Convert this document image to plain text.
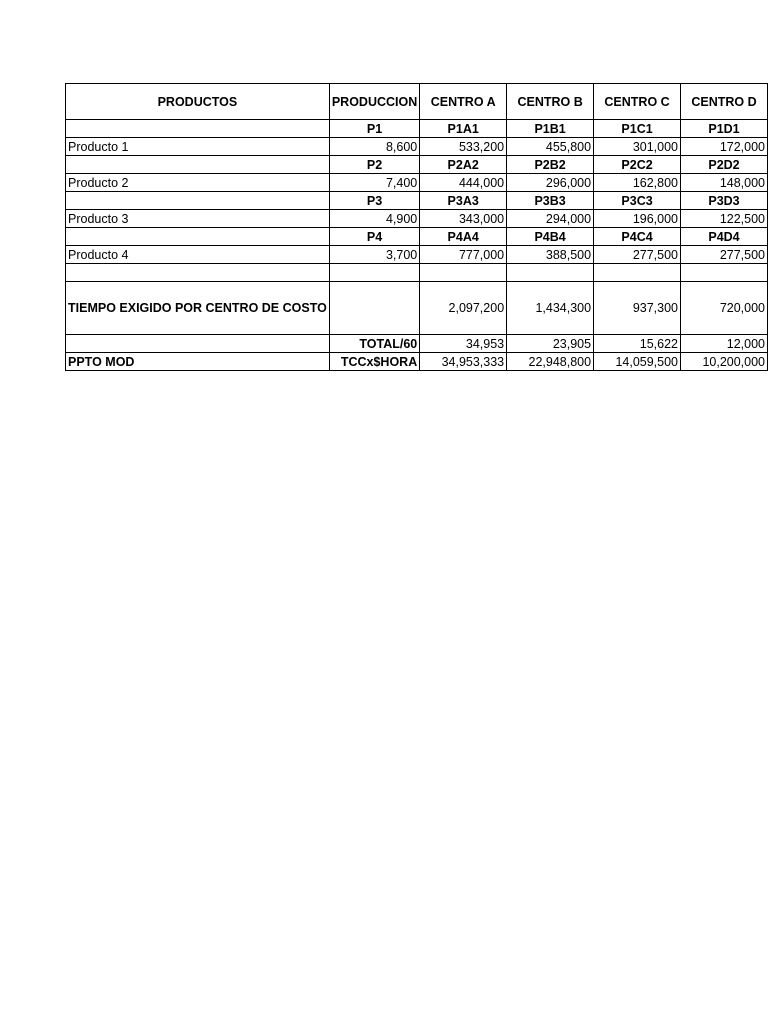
PRODUCTOS	PRODUCCION	CENTRO A	CENTRO B	CENTRO C	CENTRO D
	P1	P1A1	P1B1	P1C1	P1D1
Producto 1	8,600	533,200	455,800	301,000	172,000
	P2	P2A2	P2B2	P2C2	P2D2
Producto 2	7,400	444,000	296,000	162,800	148,000
	P3	P3A3	P3B3	P3C3	P3D3
Producto 3	4,900	343,000	294,000	196,000	122,500
	P4	P4A4	P4B4	P4C4	P4D4
Producto 4	3,700	777,000	388,500	277,500	277,500

TIEMPO EXIGIDO POR CENTRO DE COSTO		2,097,200	1,434,300	937,300	720,000
	TOTAL/60	34,953	23,905	15,622	12,000
PPTO MOD	TCCx$HORA	34,953,333	22,948,800	14,059,500	10,200,000
